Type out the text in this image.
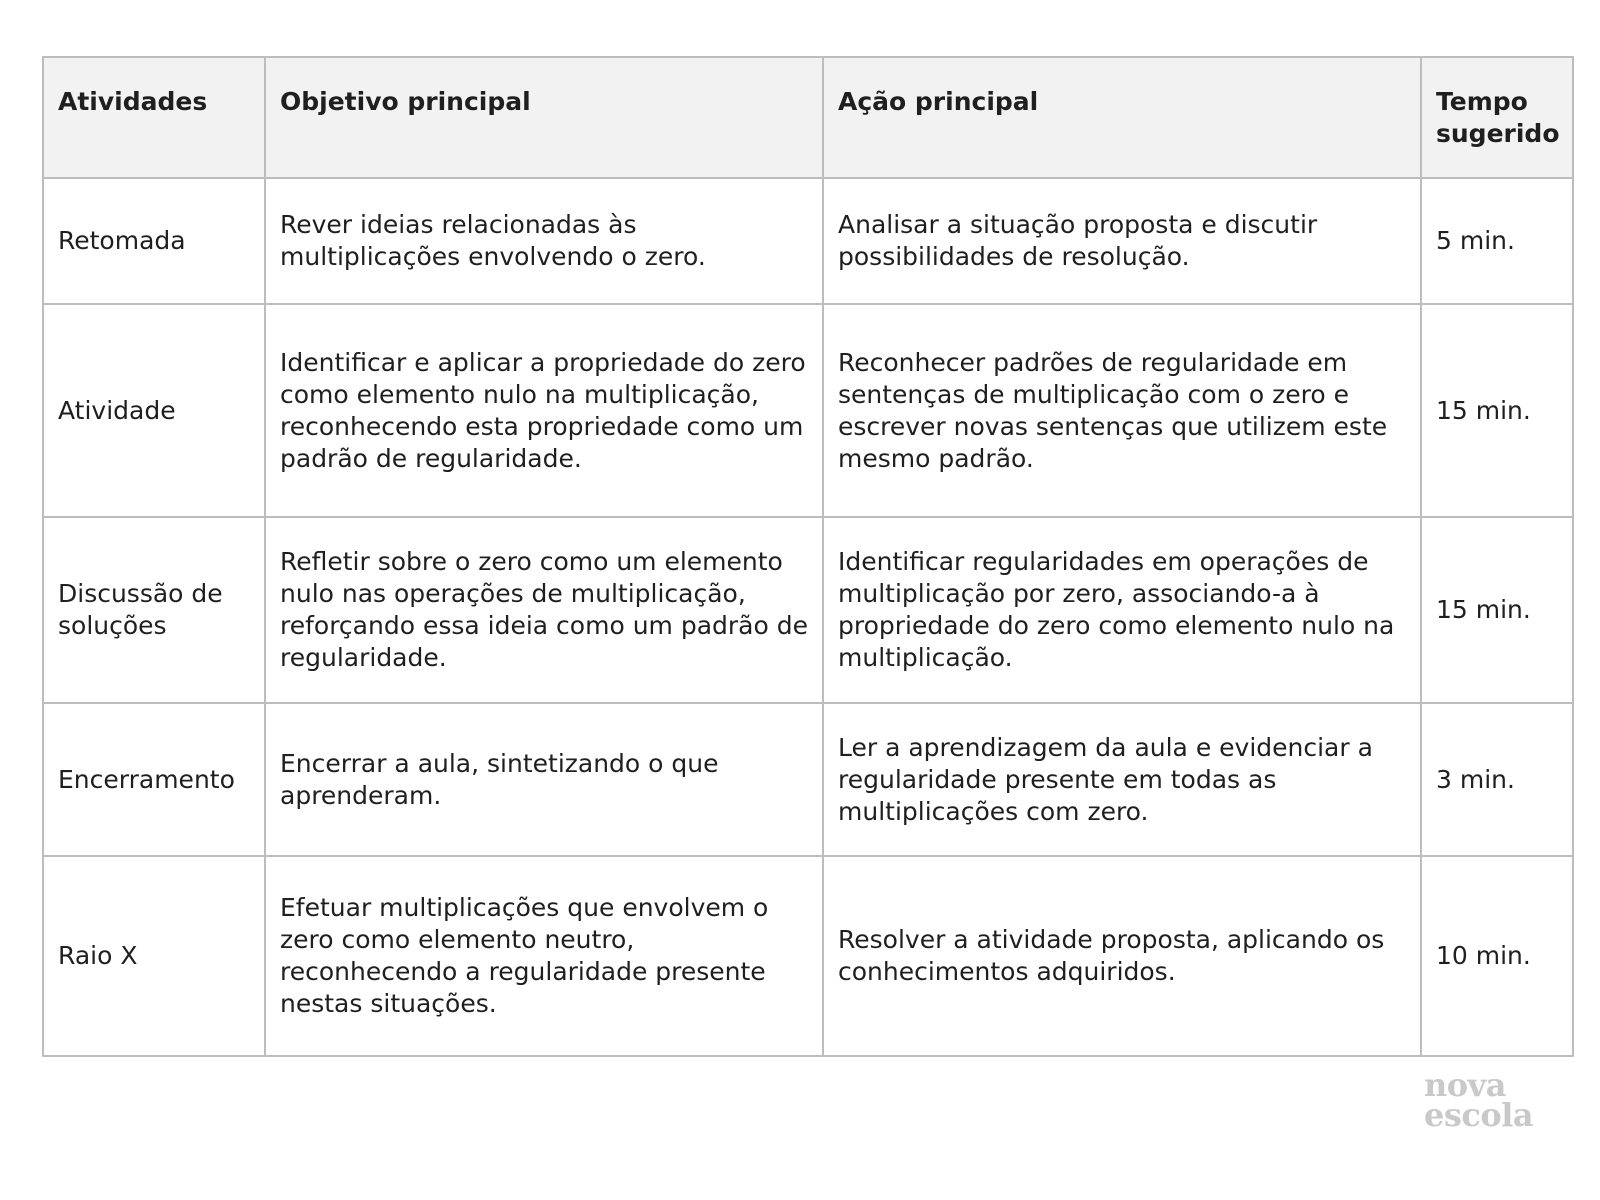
Atividades	Objetivo principal	Ação principal	Tempo sugerido
Retomada	Rever ideias relacionadas às multiplicações envolvendo o zero.	Analisar a situação proposta e discutir possibilidades de resolução.	5 min.
Atividade	Identificar e aplicar a propriedade do zero como elemento nulo na multiplicação, reconhecendo esta propriedade como um padrão de regularidade.	Reconhecer padrões de regularidade em sentenças de multiplicação com o zero e escrever novas sentenças que utilizem este mesmo padrão.	15 min.
Discussão de soluções	Refletir sobre o zero como um elemento nulo nas operações de multiplicação, reforçando essa ideia como um padrão de regularidade.	Identificar regularidades em operações de multiplicação por zero, associando-a à propriedade do zero como elemento nulo na multiplicação.	15 min.
Encerramento	Encerrar a aula, sintetizando o que aprenderam.	Ler a aprendizagem da aula e evidenciar a regularidade presente em todas as multiplicações com zero.	3 min.
Raio X	Efetuar multiplicações que envolvem o zero como elemento neutro, reconhecendo a regularidade presente nestas situações.	Resolver a atividade proposta, aplicando os conhecimentos adquiridos.	10 min.
nova
escola
